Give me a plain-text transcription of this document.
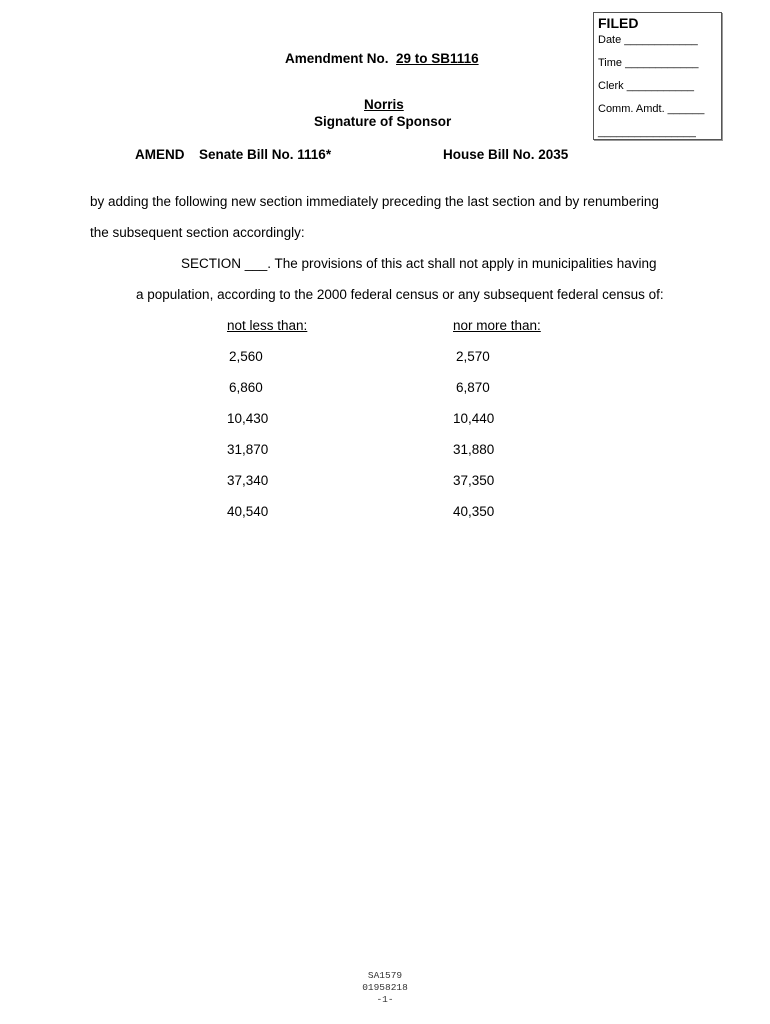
FILED
Date ____________
Time ____________
Clerk ___________
Comm. Amdt. ______
________________
Amendment No. 29 to SB1116
Norris
Signature of Sponsor
AMEND Senate Bill No. 1116*	House Bill No. 2035
by adding the following new section immediately preceding the last section and by renumbering
the subsequent section accordingly:
SECTION ___. The provisions of this act shall not apply in municipalities having
a population, according to the 2000 federal census or any subsequent federal census of:
not less than:	nor more than:
2,560	2,570
6,860	6,870
10,430	10,440
31,870	31,880
37,340	37,350
40,540	40,350
SA1579
01958218
-1-
